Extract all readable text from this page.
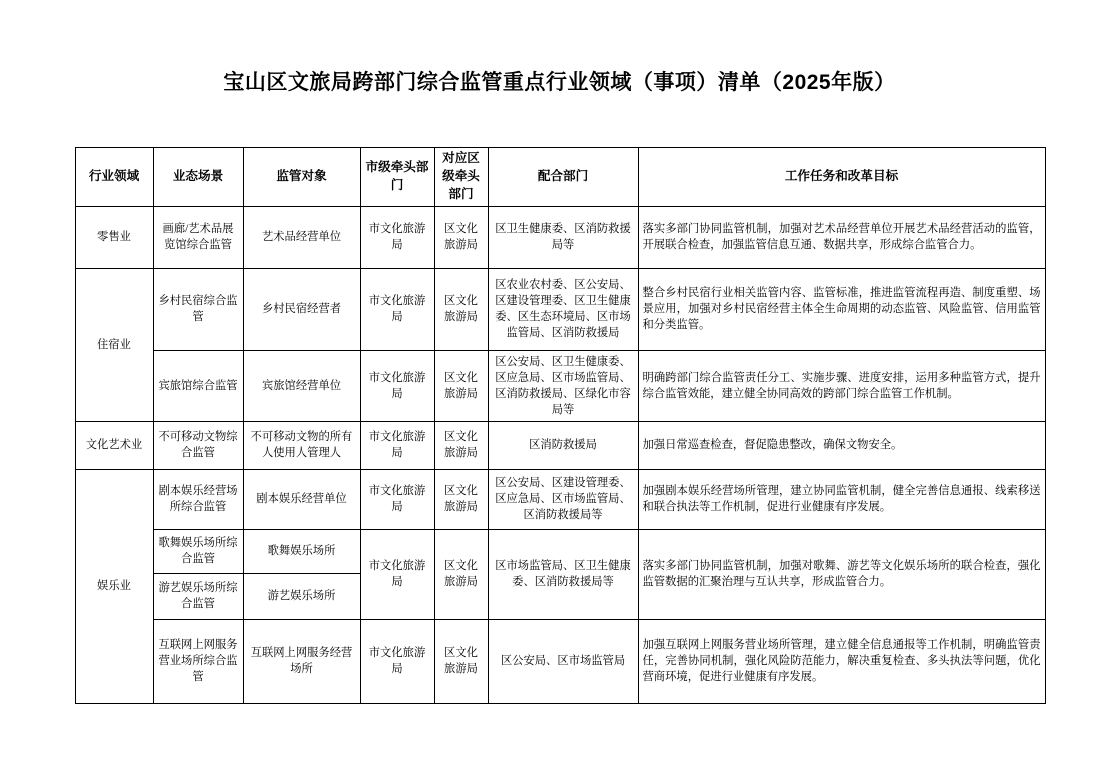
宝山区文旅局跨部门综合监管重点行业领域（事项）清单（2025年版）
行业领域	业态场景	监管对象	市级牵头部门	对应区级牵头部门	配合部门	工作任务和改革目标
零售业	画廊/艺术品展览馆综合监管	艺术品经营单位	市文化旅游局	区文化旅游局	区卫生健康委、区消防救援局等	落实多部门协同监管机制，加强对艺术品经营单位开展艺术品经营活动的监管，开展联合检查，加强监管信息互通、数据共享，形成综合监管合力。
住宿业	乡村民宿综合监管	乡村民宿经营者	市文化旅游局	区文化旅游局	区农业农村委、区公安局、区建设管理委、区卫生健康委、区生态环境局、区市场监管局、区消防救援局	整合乡村民宿行业相关监管内容、监管标准，推进监管流程再造、制度重塑、场景应用，加强对乡村民宿经营主体全生命周期的动态监管、风险监管、信用监管和分类监管。
	宾旅馆综合监管	宾旅馆经营单位	市文化旅游局	区文化旅游局	区公安局、区卫生健康委、区应急局、区市场监管局、区消防救援局、区绿化市容局等	明确跨部门综合监管责任分工、实施步骤、进度安排，运用多种监管方式，提升综合监管效能，建立健全协同高效的跨部门综合监管工作机制。
文化艺术业	不可移动文物综合监管	不可移动文物的所有人使用人管理人	市文化旅游局	区文化旅游局	区消防救援局	加强日常巡查检查，督促隐患整改，确保文物安全。
娱乐业	剧本娱乐经营场所综合监管	剧本娱乐经营单位	市文化旅游局	区文化旅游局	区公安局、区建设管理委、区应急局、区市场监管局、区消防救援局等	加强剧本娱乐经营场所管理，建立协同监管机制，健全完善信息通报、线索移送和联合执法等工作机制，促进行业健康有序发展。
	歌舞娱乐场所综合监管	歌舞娱乐场所	市文化旅游局	区文化旅游局	区市场监管局、区卫生健康委、区消防救援局等	落实多部门协同监管机制，加强对歌舞、游艺等文化娱乐场所的联合检查，强化监管数据的汇聚治理与互认共享，形成监管合力。
	游艺娱乐场所综合监管	游艺娱乐场所				
	互联网上网服务营业场所综合监管	互联网上网服务经营场所	市文化旅游局	区文化旅游局	区公安局、区市场监管局	加强互联网上网服务营业场所管理，建立健全信息通报等工作机制，明确监管责任，完善协同机制，强化风险防范能力，解决重复检查、多头执法等问题，优化营商环境，促进行业健康有序发展。
